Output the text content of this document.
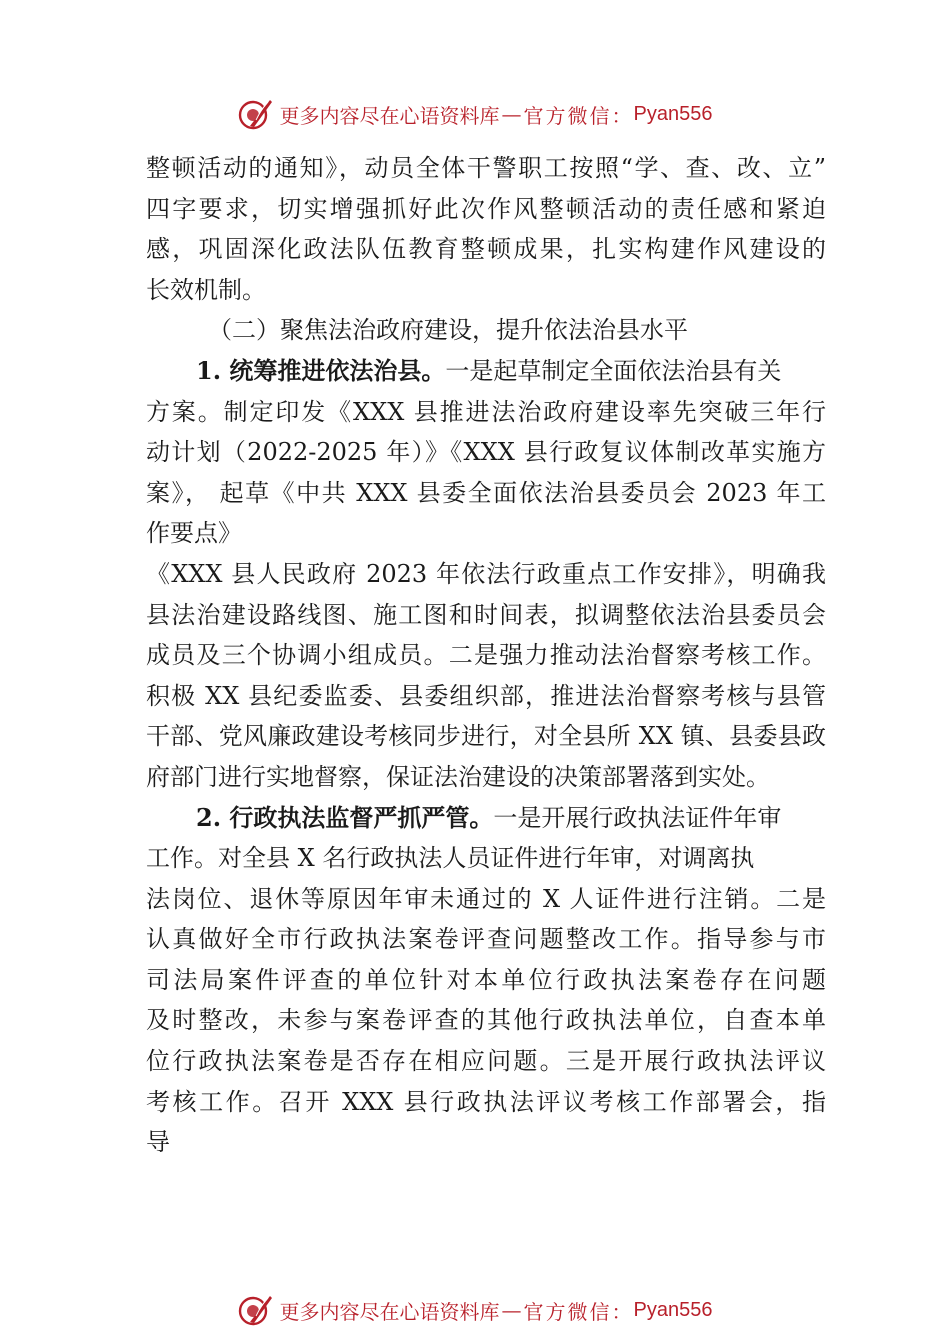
更多内容尽在心语资料库 — 官方微信： Pyan556
整顿活动的通知》，动员全体干警职工按照“学、查、改、立”
四字要求，切实增强抓好此次作风整顿活动的责任感和紧迫
感，巩固深化政法队伍教育整顿成果，扎实构建作风建设的
长效机制。
（二）聚焦法治政府建设，提升依法治县水平
1. 统筹推进依法治县。一是起草制定全面依法治县有关
方案。制定印发《XXX 县推进法治政府建设率先突破三年行
动计划（2022-2025 年）》《XXX 县行政复议体制改革实施方
案》， 起草《中共 XXX 县委全面依法治县委员会 2023 年工
作要点》
《XXX 县人民政府 2023 年依法行政重点工作安排》，明确我
县法治建设路线图、施工图和时间表，拟调整依法治县委员会
成员及三个协调小组成员。二是强力推动法治督察考核工作。
积极 XX 县纪委监委、县委组织部，推进法治督察考核与县管
干部、党风廉政建设考核同步进行，对全县所 XX 镇、县委县政
府部门进行实地督察，保证法治建设的决策部署落到实处。
2. 行政执法监督严抓严管。一是开展行政执法证件年审
工作。对全县 X 名行政执法人员证件进行年审，对调离执
法岗位、退休等原因年审未通过的 X 人证件进行注销。二是
认真做好全市行政执法案卷评查问题整改工作。指导参与市
司法局案件评查的单位针对本单位行政执法案卷存在问题
及时整改，未参与案卷评查的其他行政执法单位，自查本单
位行政执法案卷是否存在相应问题。三是开展行政执法评议
考核工作。召开 XXX 县行政执法评议考核工作部署会，指
导
更多内容尽在心语资料库 — 官方微信： Pyan556
